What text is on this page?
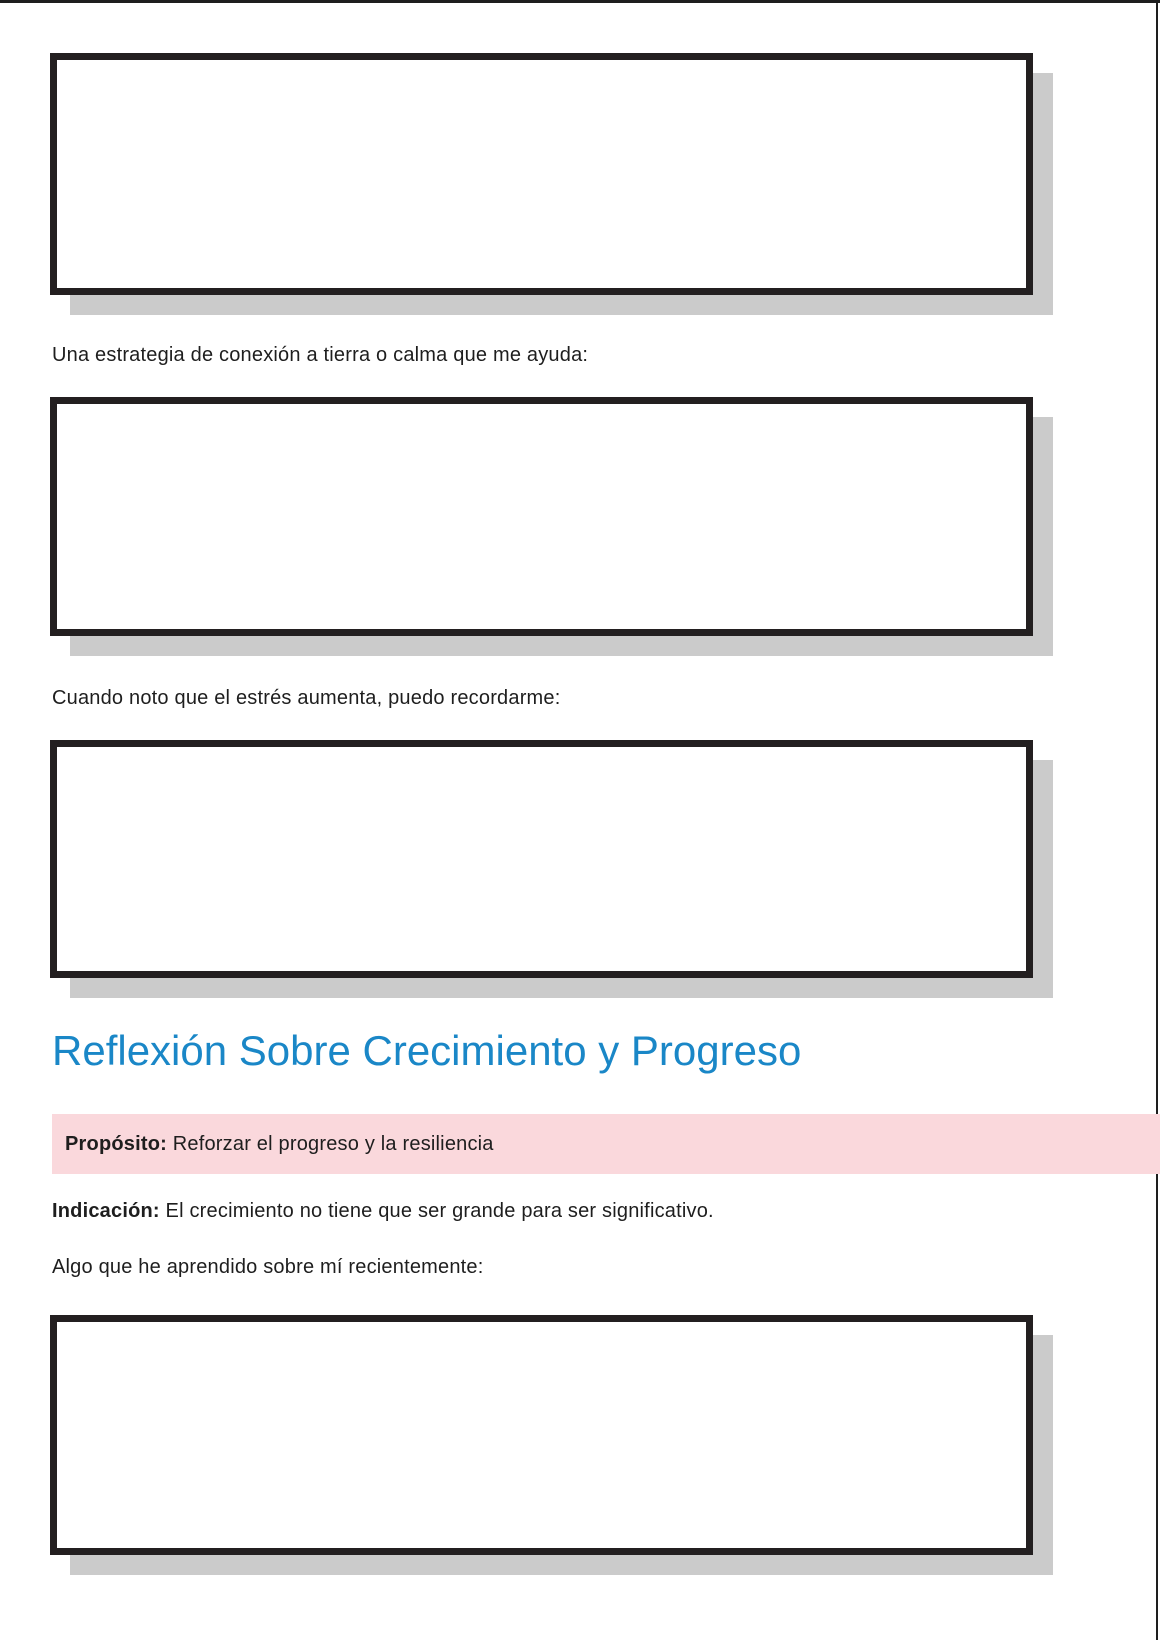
Una estrategia de conexión a tierra o calma que me ayuda:

Cuando noto que el estrés aumenta, puedo recordarme:

Reflexión Sobre Crecimiento y Progreso
Propósito: Reforzar el progreso y la resiliencia

Indicación: El crecimiento no tiene que ser grande para ser significativo.

Algo que he aprendido sobre mí recientemente:
